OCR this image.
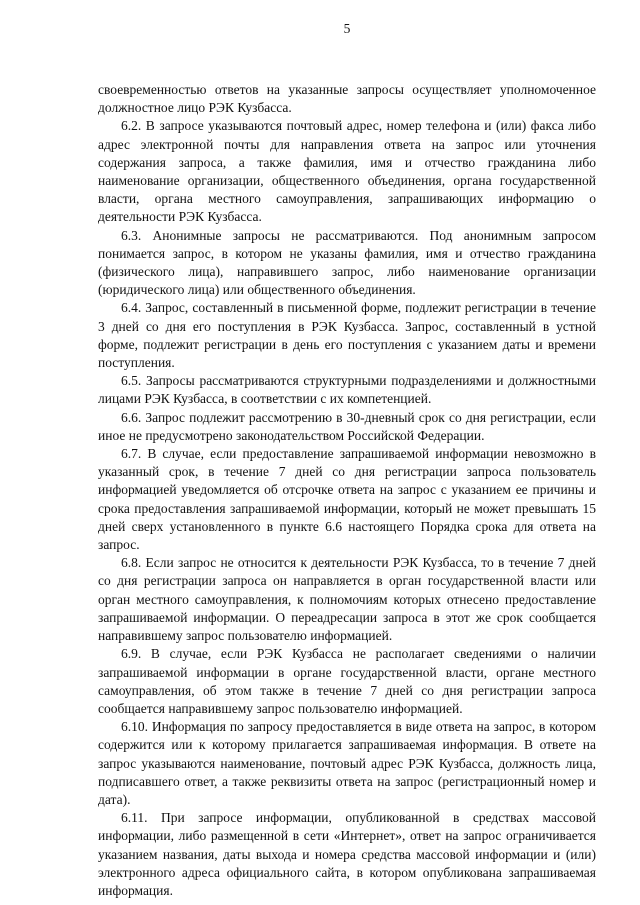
5

своевременностью ответов на указанные запросы осуществляет уполномоченное должностное лицо РЭК Кузбасса.

6.2. В запросе указываются почтовый адрес, номер телефона и (или) факса либо адрес электронной почты для направления ответа на запрос или уточнения содержания запроса, а также фамилия, имя и отчество гражданина либо наименование организации, общественного объединения, органа государственной власти, органа местного самоуправления, запрашивающих информацию о деятельности РЭК Кузбасса.

6.3. Анонимные запросы не рассматриваются. Под анонимным запросом понимается запрос, в котором не указаны фамилия, имя и отчество гражданина (физического лица), направившего запрос, либо наименование организации (юридического лица) или общественного объединения.

6.4. Запрос, составленный в письменной форме, подлежит регистрации в течение 3 дней со дня его поступления в РЭК Кузбасса. Запрос, составленный в устной форме, подлежит регистрации в день его поступления с указанием даты и времени поступления.

6.5. Запросы рассматриваются структурными подразделениями и должностными лицами РЭК Кузбасса, в соответствии с их компетенцией.

6.6. Запрос подлежит рассмотрению в 30-дневный срок со дня регистрации, если иное не предусмотрено законодательством Российской Федерации.

6.7. В случае, если предоставление запрашиваемой информации невозможно в указанный срок, в течение 7 дней со дня регистрации запроса пользователь информацией уведомляется об отсрочке ответа на запрос с указанием ее причины и срока предоставления запрашиваемой информации, который не может превышать 15 дней сверх установленного в пункте 6.6 настоящего Порядка срока для ответа на запрос.

6.8. Если запрос не относится к деятельности РЭК Кузбасса, то в течение 7 дней со дня регистрации запроса он направляется в орган государственной власти или орган местного самоуправления, к полномочиям которых отнесено предоставление запрашиваемой информации. О переадресации запроса в этот же срок сообщается направившему запрос пользователю информацией.

6.9. В случае, если РЭК Кузбасса не располагает сведениями о наличии запрашиваемой информации в органе государственной власти, органе местного самоуправления, об этом также в течение 7 дней со дня регистрации запроса сообщается направившему запрос пользователю информацией.

6.10. Информация по запросу предоставляется в виде ответа на запрос, в котором содержится или к которому прилагается запрашиваемая информация. В ответе на запрос указываются наименование, почтовый адрес РЭК Кузбасса, должность лица, подписавшего ответ, а также реквизиты ответа на запрос (регистрационный номер и дата).

6.11. При запросе информации, опубликованной в средствах массовой информации, либо размещенной в сети «Интернет», ответ на запрос ограничивается указанием названия, даты выхода и номера средства массовой информации и (или) электронного адреса официального сайта, в котором опубликована запрашиваемая информация.
